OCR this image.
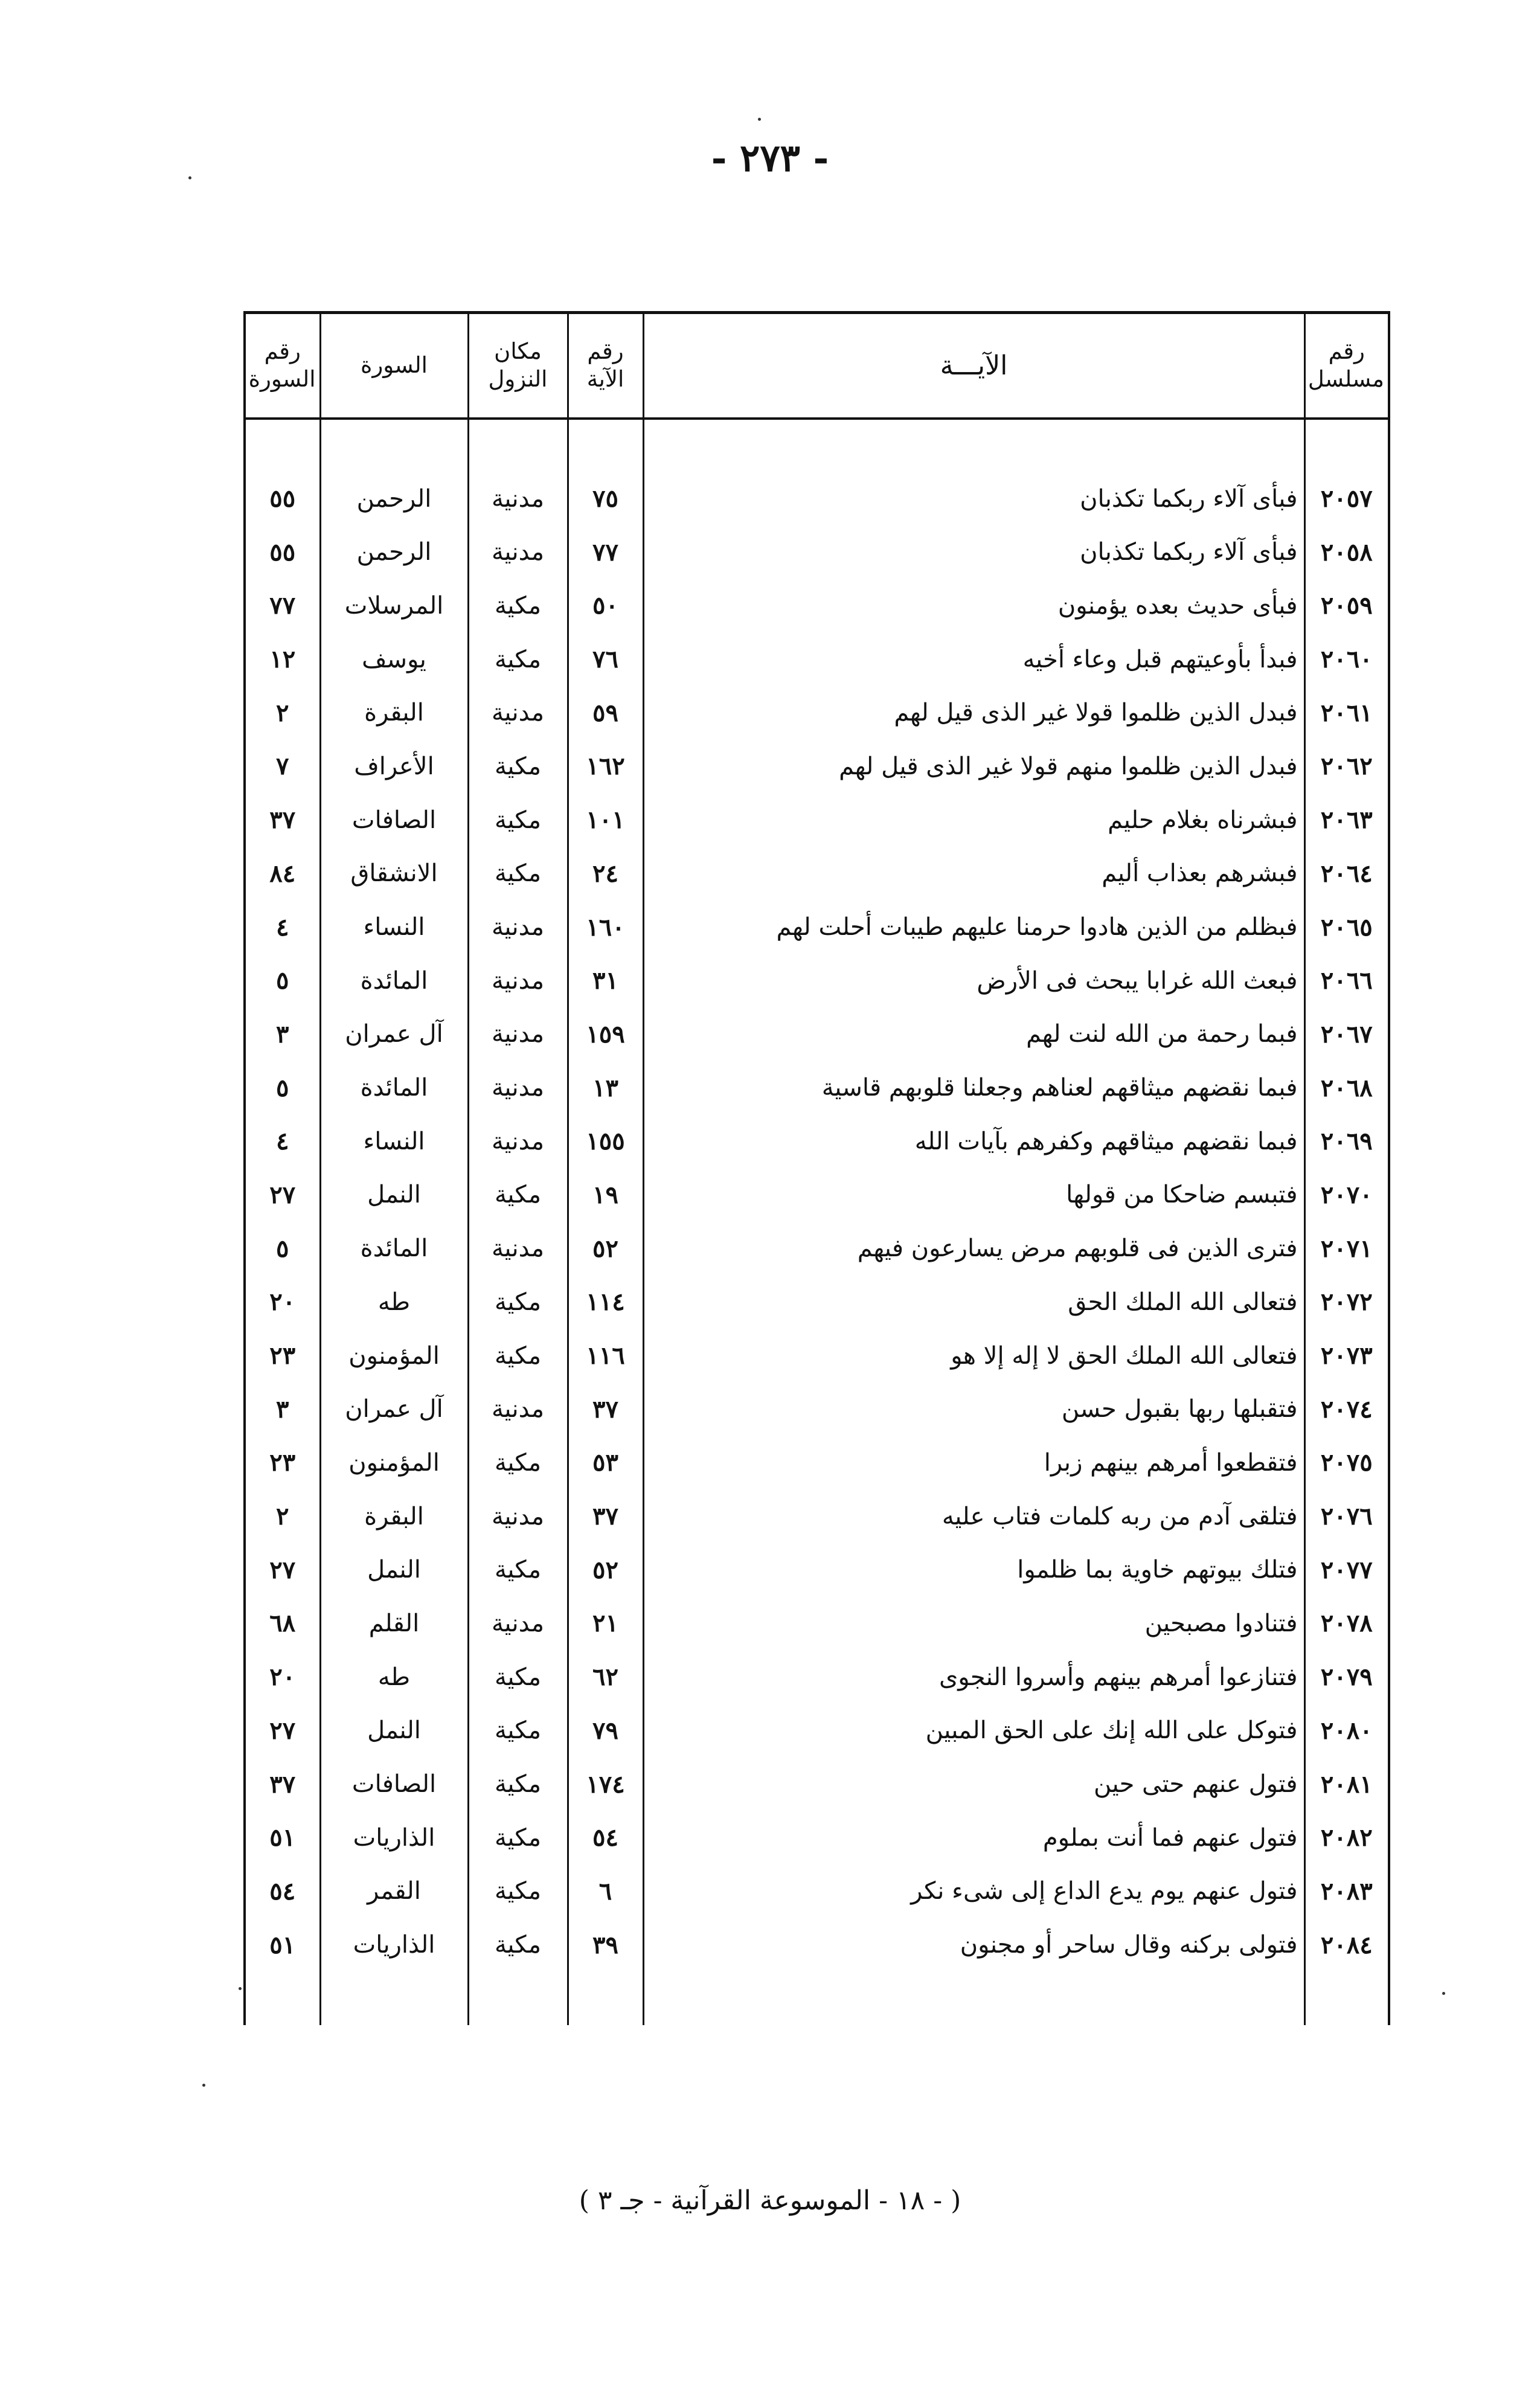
- ٢٧٣ -
رقم مسلسل	الآيـــة	رقم الآية	مكان النزول	السورة	رقم السورة

٢٠٥٧	فبأى آلاء ربكما تكذبان	٧٥	مدنية	الرحمن	٥٥
٢٠٥٨	فبأى آلاء ربكما تكذبان	٧٧	مدنية	الرحمن	٥٥
٢٠٥٩	فبأى حديث بعده يؤمنون	٥٠	مكية	المرسلات	٧٧
٢٠٦٠	فبدأ بأوعيتهم قبل وعاء أخيه	٧٦	مكية	يوسف	١٢
٢٠٦١	فبدل الذين ظلموا قولا غير الذى قيل لهم	٥٩	مدنية	البقرة	٢
٢٠٦٢	فبدل الذين ظلموا منهم قولا غير الذى قيل لهم	١٦٢	مكية	الأعراف	٧
٢٠٦٣	فبشرناه بغلام حليم	١٠١	مكية	الصافات	٣٧
٢٠٦٤	فبشرهم بعذاب أليم	٢٤	مكية	الانشقاق	٨٤
٢٠٦٥	فبظلم من الذين هادوا حرمنا عليهم طيبات أحلت لهم	١٦٠	مدنية	النساء	٤
٢٠٦٦	فبعث الله غرابا يبحث فى الأرض	٣١	مدنية	المائدة	٥
٢٠٦٧	فبما رحمة من الله لنت لهم	١٥٩	مدنية	آل عمران	٣
٢٠٦٨	فبما نقضهم ميثاقهم لعناهم وجعلنا قلوبهم قاسية	١٣	مدنية	المائدة	٥
٢٠٦٩	فبما نقضهم ميثاقهم وكفرهم بآيات الله	١٥٥	مدنية	النساء	٤
٢٠٧٠	فتبسم ضاحكا من قولها	١٩	مكية	النمل	٢٧
٢٠٧١	فترى الذين فى قلوبهم مرض يسارعون فيهم	٥٢	مدنية	المائدة	٥
٢٠٧٢	فتعالى الله الملك الحق	١١٤	مكية	طه	٢٠
٢٠٧٣	فتعالى الله الملك الحق لا إله إلا هو	١١٦	مكية	المؤمنون	٢٣
٢٠٧٤	فتقبلها ربها بقبول حسن	٣٧	مدنية	آل عمران	٣
٢٠٧٥	فتقطعوا أمرهم بينهم زبرا	٥٣	مكية	المؤمنون	٢٣
٢٠٧٦	فتلقى آدم من ربه كلمات فتاب عليه	٣٧	مدنية	البقرة	٢
٢٠٧٧	فتلك بيوتهم خاوية بما ظلموا	٥٢	مكية	النمل	٢٧
٢٠٧٨	فتنادوا مصبحين	٢١	مدنية	القلم	٦٨
٢٠٧٩	فتنازعوا أمرهم بينهم وأسروا النجوى	٦٢	مكية	طه	٢٠
٢٠٨٠	فتوكل على الله إنك على الحق المبين	٧٩	مكية	النمل	٢٧
٢٠٨١	فتول عنهم حتى حين	١٧٤	مكية	الصافات	٣٧
٢٠٨٢	فتول عنهم فما أنت بملوم	٥٤	مكية	الذاريات	٥١
٢٠٨٣	فتول عنهم يوم يدع الداع إلى شىء نكر	٦	مكية	القمر	٥٤
٢٠٨٤	فتولى بركنه وقال ساحر أو مجنون	٣٩	مكية	الذاريات	٥١

( - ١٨ - الموسوعة القرآنية - جـ ٣ )
